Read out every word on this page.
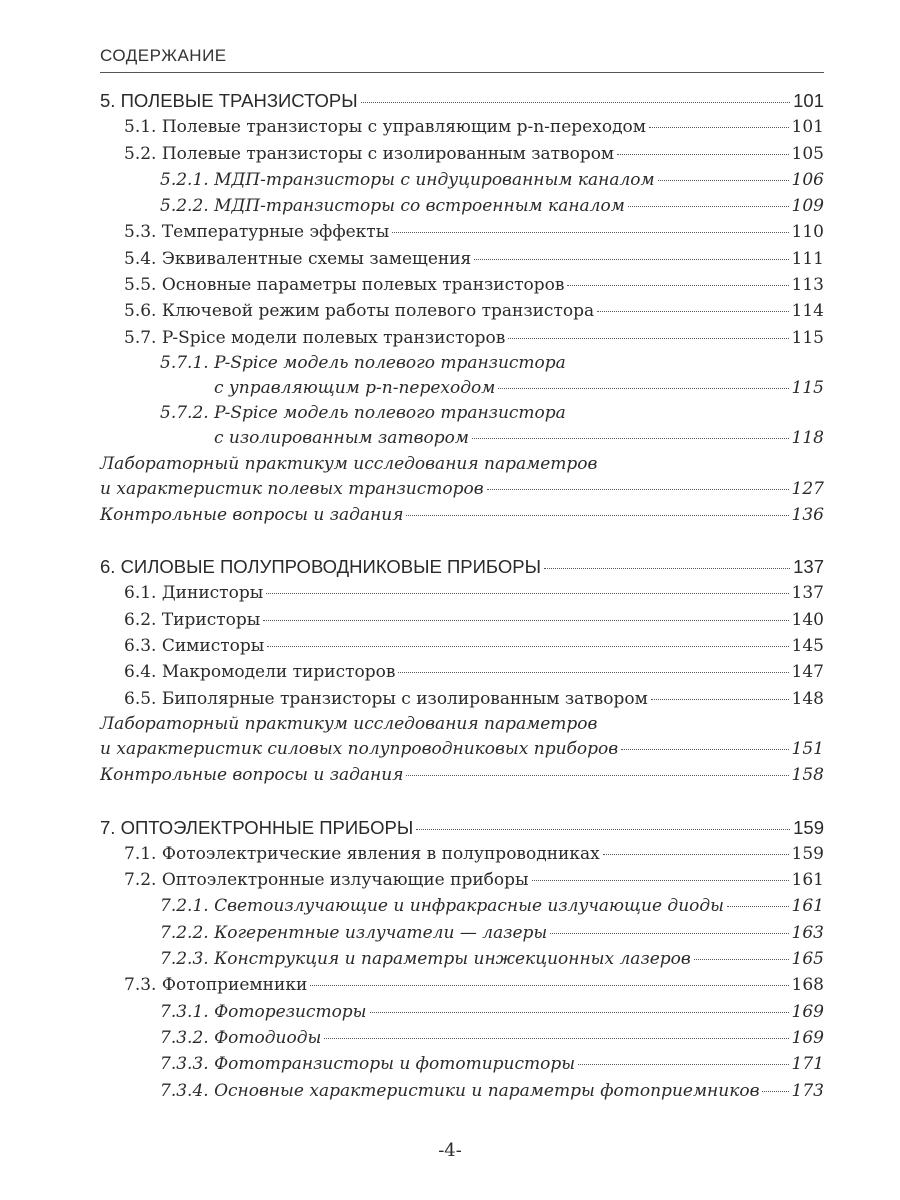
СОДЕРЖАНИЕ
5. ПОЛЕВЫЕ ТРАНЗИСТОРЫ	101
5.1. Полевые транзисторы с управляющим p-n-переходом	101
5.2. Полевые транзисторы с изолированным затвором	105
5.2.1. МДП-транзисторы с индуцированным каналом	106
5.2.2. МДП-транзисторы со встроенным каналом	109
5.3. Температурные эффекты	110
5.4. Эквивалентные схемы замещения	111
5.5. Основные параметры полевых транзисторов	113
5.6. Ключевой режим работы полевого транзистора	114
5.7. P-Spice модели полевых транзисторов	115
5.7.1. P-Spice модель полевого транзистора
с управляющим p-n-переходом	115
5.7.2. P-Spice модель полевого транзистора
с изолированным затвором	118
Лабораторный практикум исследования параметров
и характеристик полевых транзисторов	127
Контрольные вопросы и задания	136
6. СИЛОВЫЕ ПОЛУПРОВОДНИКОВЫЕ ПРИБОРЫ	137
6.1. Динисторы	137
6.2. Тиристоры	140
6.3. Симисторы	145
6.4. Макромодели тиристоров	147
6.5. Биполярные транзисторы с изолированным затвором	148
Лабораторный практикум исследования параметров
и характеристик силовых полупроводниковых приборов	151
Контрольные вопросы и задания	158
7. ОПТОЭЛЕКТРОННЫЕ ПРИБОРЫ	159
7.1. Фотоэлектрические явления в полупроводниках	159
7.2. Оптоэлектронные излучающие приборы	161
7.2.1. Светоизлучающие и инфракрасные излучающие диоды	161
7.2.2. Когерентные излучатели — лазеры	163
7.2.3. Конструкция и параметры инжекционных лазеров	165
7.3. Фотоприемники	168
7.3.1. Фоторезисторы	169
7.3.2. Фотодиоды	169
7.3.3. Фототранзисторы и фототиристоры	171
7.3.4. Основные характеристики и параметры фотоприемников 173
-4-
